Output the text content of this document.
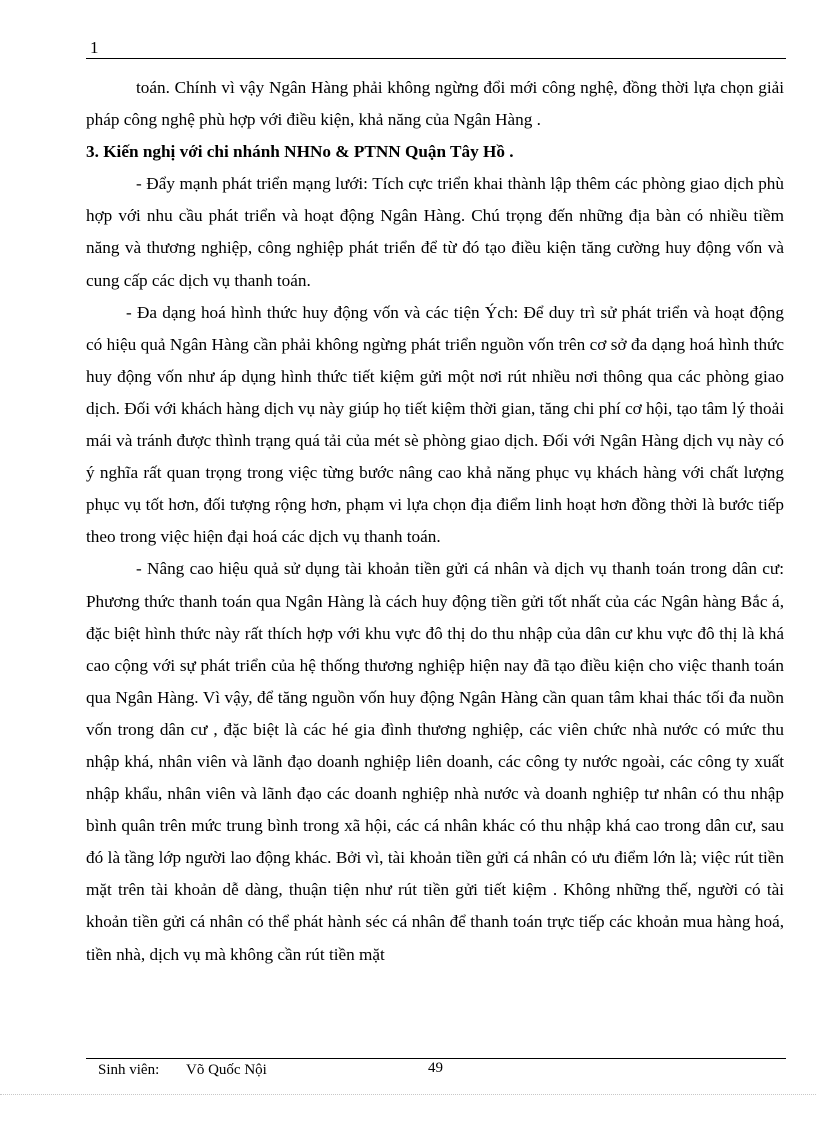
1

toán. Chính vì vậy Ngân Hàng phải không ngừng đổi mới công nghệ, đồng thời lựa chọn giải pháp công nghệ phù hợp với điều kiện, khả năng của Ngân Hàng .

3. Kiến nghị với chi nhánh NHNo & PTNN Quận Tây Hồ .

- Đẩy mạnh phát triển mạng lưới: Tích cực triển khai thành lập thêm các phòng giao dịch phù hợp với nhu cầu phát triển và hoạt động Ngân Hàng. Chú trọng đến những địa bàn có nhiều tiềm năng và thương nghiệp, công nghiệp phát triển để từ đó tạo điều kiện tăng cường huy động vốn và cung cấp các dịch vụ thanh toán.

- Đa dạng hoá hình thức huy động vốn và các tiện Ých: Để duy trì sử phát triển và hoạt động có hiệu quả Ngân Hàng cần phải không ngừng phát triển nguồn vốn trên cơ sở đa dạng hoá hình thức huy động vốn như áp dụng hình thức tiết kiệm gửi một nơi rút nhiều nơi thông qua các phòng giao dịch. Đối với khách hàng dịch vụ này giúp họ tiết kiệm thời gian, tăng chi phí cơ hội, tạo tâm lý thoải mái và tránh được thình trạng quá tải của mét sè phòng giao dịch. Đối với Ngân Hàng dịch vụ này có ý nghĩa rất quan trọng trong việc từng bước nâng cao khả năng phục vụ khách hàng với chất lượng phục vụ tốt hơn, đối tượng rộng hơn, phạm vi lựa chọn địa điểm linh hoạt hơn đồng thời là bước tiếp theo trong việc hiện đại hoá các dịch vụ thanh toán.

- Nâng cao hiệu quả sử dụng tài khoản tiền gửi cá nhân và dịch vụ thanh toán trong dân cư: Phương thức thanh toán qua Ngân Hàng là cách huy động tiền gửi tốt nhất của các Ngân hàng Bắc á, đặc biệt hình thức này rất thích hợp với khu vực đô thị do thu nhập của dân cư khu vực đô thị là khá cao cộng với sự phát triển của hệ thống thương nghiệp hiện nay đã tạo điều kiện cho việc thanh toán qua Ngân Hàng. Vì vậy, để tăng nguồn vốn huy động Ngân Hàng cần quan tâm khai thác tối đa nuồn vốn trong dân cư , đặc biệt là các hé gia đình thương nghiệp, các viên chức nhà nước có mức thu nhập khá, nhân viên và lãnh đạo doanh nghiệp liên doanh, các công ty nước ngoài, các công ty xuất nhập khẩu, nhân viên và lãnh đạo các doanh nghiệp nhà nước và doanh nghiệp tư nhân có thu nhập bình quân trên mức trung bình trong xã hội, các cá nhân khác có thu nhập khá cao trong dân cư, sau đó là tầng lớp người lao động khác. Bởi vì, tài khoản tiền gửi cá nhân có ưu điểm lớn là; việc rút tiền mặt trên tài khoản dễ dàng, thuận tiện như rút tiền gửi tiết kiệm . Không những thế, người có tài khoản tiền gửi cá nhân có thể phát hành séc cá nhân để thanh toán trực tiếp các khoản mua hàng hoá, tiền nhà, dịch vụ mà không cần rút tiền mặt

Sinh viên: Võ Quốc Nội	49
